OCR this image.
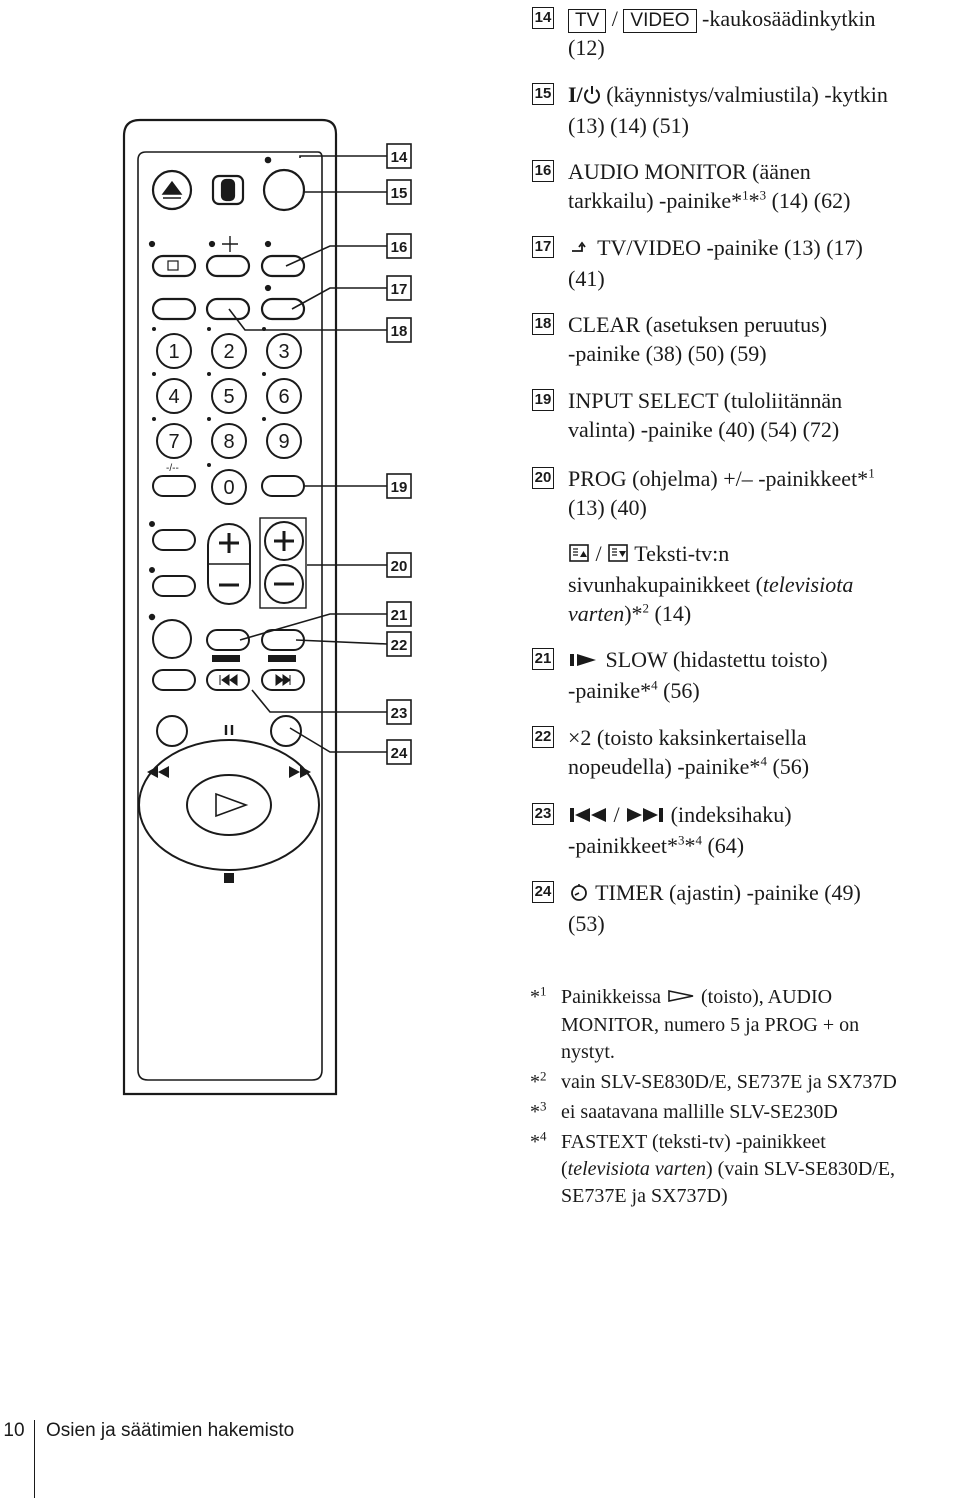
1 2 3
4 5 6
7 8 9
0
-/--
14
15
16
17
18
19
20
21
22
23
24
14	TV / VIDEO -kaukosäädinkytkin
(12)
15 I/ (käynnistys/valmiustila) -kytkin
(13) (14) (51)
16 AUDIO MONITOR (äänen
tarkkailu) -painike*$^1$*$^3$ (14) (62)
17	TV/VIDEO -painike (13) (17)
(41)
18 CLEAR (asetuksen peruutus)
-painike (38) (50) (59)
19 INPUT SELECT (tuloliitännän
valinta) -painike (40) (54) (72)
20 PROG (ohjelma) +/– -painikkeet*$^1$
(13) (40)
/ Teksti-tv:n
sivunhakupainikkeet (televisiota
varten)*$^2$ (14)
21	SLOW (hidastettu toisto)
-painike*$^4$ (56)
22 ×2 (toisto kaksinkertaisella
nopeudella) -painike*$^4$ (56)
23	/ (indeksihaku)
-painikkeet*$^3$*$^4$ (64)
24	TIMER (ajastin) -painike (49)
(53)
*$^1$ Painikkeissa (toisto), AUDIO
MONITOR, numero 5 ja PROG + on
nystyt.
*$^2$ vain SLV-SE830D/E, SE737E ja SX737D
*$^3$ ei saatavana mallille SLV-SE230D
*$^4$ FASTEXT (teksti-tv) -painikkeet
(televisiota varten) (vain SLV-SE830D/E,
SE737E ja SX737D)
10 Osien ja säätimien hakemisto
